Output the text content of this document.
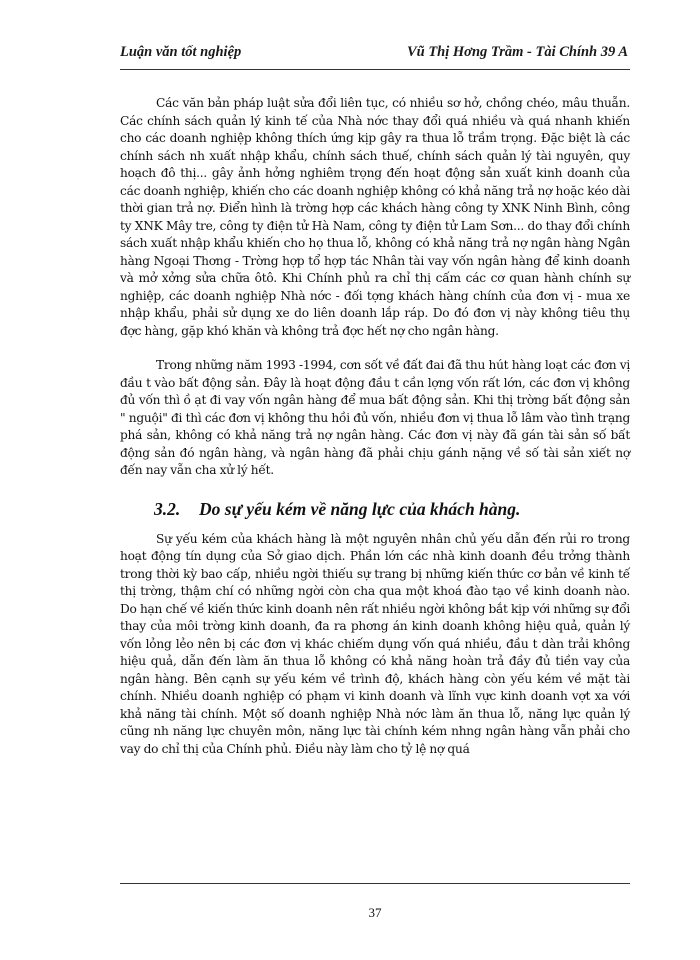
Luận văn tốt nghiệp	Vũ Thị Hơng Trầm - Tài Chính 39 A

Các văn bản pháp luật sửa đổi liên tục, có nhiều sơ hở, chồng chéo, mâu thuẫn. Các chính sách quản lý kinh tế của Nhà nớc thay đổi quá nhiều và quá nhanh khiến cho các doanh nghiệp không thích ứng kịp gây ra thua lỗ trầm trọng. Đặc biệt là các chính sách nh xuất nhập khẩu, chính sách thuế, chính sách quản lý tài nguyên, quy hoạch đô thị... gây ảnh hởng nghiêm trọng đến hoạt động sản xuất kinh doanh của các doanh nghiệp, khiến cho các doanh nghiệp không có khả năng trả nợ hoặc kéo dài thời gian trả nợ. Điển hình là trờng hợp các khách hàng công ty XNK Ninh Bình, công ty XNK Mây tre, công ty điện tử Hà Nam, công ty điện tử Lam Sơn... do thay đổi chính sách xuất nhập khẩu khiến cho họ thua lỗ, không có khả năng trả nợ ngân hàng Ngân hàng Ngoại Thơng - Trờng hợp tổ hợp tác Nhân tài vay vốn ngân hàng để kinh doanh và mở xởng sửa chữa ôtô. Khi Chính phủ ra chỉ thị cấm các cơ quan hành chính sự nghiệp, các doanh nghiệp Nhà nớc - đối tợng khách hàng chính của đơn vị - mua xe nhập khẩu, phải sử dụng xe do liên doanh lắp ráp. Do đó đơn vị này không tiêu thụ đợc hàng, gặp khó khăn và không trả đợc hết nợ cho ngân hàng.

Trong những năm 1993 -1994, cơn sốt về đất đai đã thu hút hàng loạt các đơn vị đầu t vào bất động sản. Đây là hoạt động đầu t cần lợng vốn rất lớn, các đơn vị không đủ vốn thì ồ ạt đi vay vốn ngân hàng để mua bất động sản. Khi thị trờng bất động sản " nguội" đi thì các đơn vị không thu hồi đủ vốn, nhiều đơn vị thua lỗ lâm vào tình trạng phá sản, không có khả năng trả nợ ngân hàng. Các đơn vị này đã gán tài sản số bất động sản đó ngân hàng, và ngân hàng đã phải chịu gánh nặng về số tài sản xiết nợ đến nay vẫn cha xử lý hết.

3.2. Do sự yếu kém về năng lực của khách hàng.

Sự yếu kém của khách hàng là một nguyên nhân chủ yếu dẫn đến rủi ro trong hoạt động tín dụng của Sở giao dịch. Phần lớn các nhà kinh doanh đều trởng thành trong thời kỳ bao cấp, nhiều ngời thiếu sự trang bị những kiến thức cơ bản về kinh tế thị trờng, thậm chí có những ngời còn cha qua một khoá đào tạo về kinh doanh nào. Do hạn chế về kiến thức kinh doanh nên rất nhiều ngời không bắt kịp với những sự đổi thay của môi trờng kinh doanh, đa ra phơng án kinh doanh không hiệu quả, quản lý vốn lỏng lẻo nên bị các đơn vị khác chiếm dụng vốn quá nhiều, đầu t dàn trải không hiệu quả, dẫn đến làm ăn thua lỗ không có khả năng hoàn trả đầy đủ tiền vay của ngân hàng. Bên cạnh sự yếu kém về trình độ, khách hàng còn yếu kém về mặt tài chính. Nhiều doanh nghiệp có phạm vi kinh doanh và lĩnh vực kinh doanh vợt xa với khả năng tài chính. Một số doanh nghiệp Nhà nớc làm ăn thua lỗ, năng lực quản lý cũng nh năng lực chuyên môn, năng lực tài chính kém nhng ngân hàng vẫn phải cho vay do chỉ thị của Chính phủ. Điều này làm cho tỷ lệ nợ quá

37
